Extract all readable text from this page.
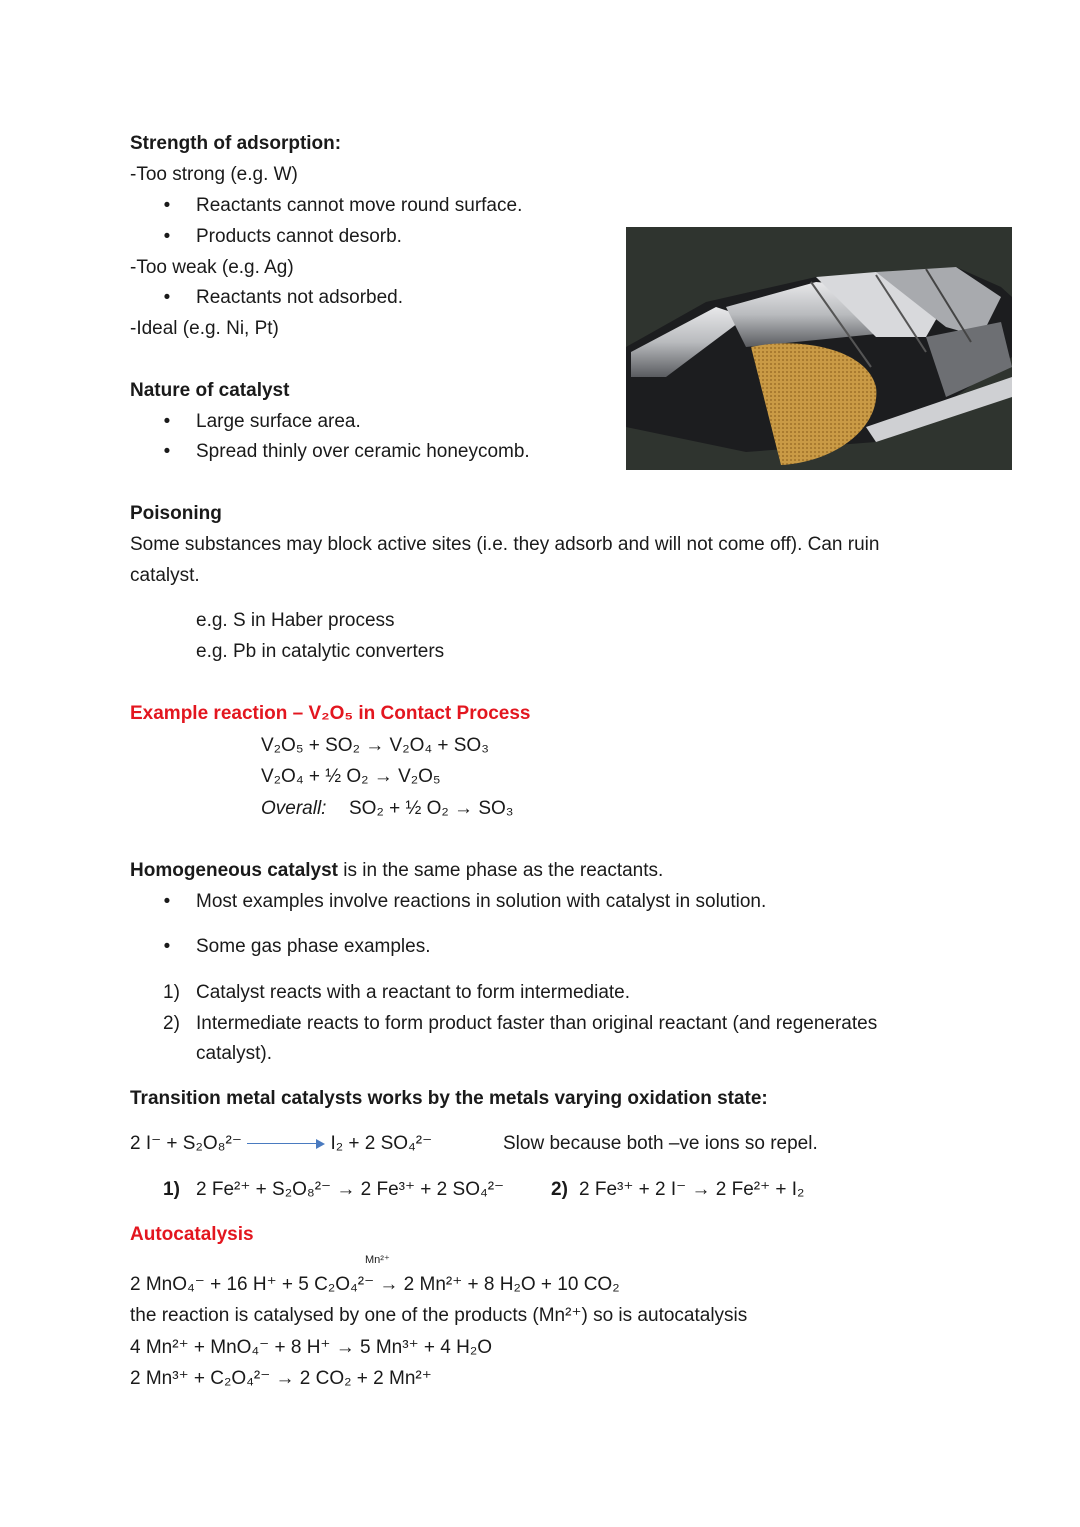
Strength of adsorption:
-Too strong (e.g. W)
• Reactants cannot move round surface.
• Products cannot desorb.
-Too weak (e.g. Ag)
• Reactants not adsorbed.
-Ideal (e.g. Ni, Pt)
Nature of catalyst
• Large surface area.
• Spread thinly over ceramic honeycomb.
Poisoning
Some substances may block active sites (i.e. they adsorb and will not come off). Can ruin
catalyst.
e.g. S in Haber process
e.g. Pb in catalytic converters
Example reaction – V₂O₅ in Contact Process
V₂O₅ + SO₂ → V₂O₄ + SO₃
V₂O₄ + ½ O₂ → V₂O₅
Overall: SO₂ + ½ O₂ → SO₃
Homogeneous catalyst is in the same phase as the reactants.
• Most examples involve reactions in solution with catalyst in solution.
• Some gas phase examples.
1) Catalyst reacts with a reactant to form intermediate.
2) Intermediate reacts to form product faster than original reactant (and regenerates
catalyst).
Transition metal catalysts works by the metals varying oxidation state:
2 I⁻ + S₂O₈²⁻	I₂ + 2 SO₄²⁻	Slow because both –ve ions so repel.
1) 2 Fe²⁺ + S₂O₈²⁻ → 2 Fe³⁺ + 2 SO₄²⁻ 2) 2 Fe³⁺ + 2 I⁻ → 2 Fe²⁺ + I₂
Autocatalysis
Mn²⁺
2 MnO₄⁻ + 16 H⁺ + 5 C₂O₄²⁻ → 2 Mn²⁺ + 8 H₂O + 10 CO₂
the reaction is catalysed by one of the products (Mn²⁺) so is autocatalysis
4 Mn²⁺ + MnO₄⁻ + 8 H⁺ → 5 Mn³⁺ + 4 H₂O
2 Mn³⁺ + C₂O₄²⁻ → 2 CO₂ + 2 Mn²⁺
